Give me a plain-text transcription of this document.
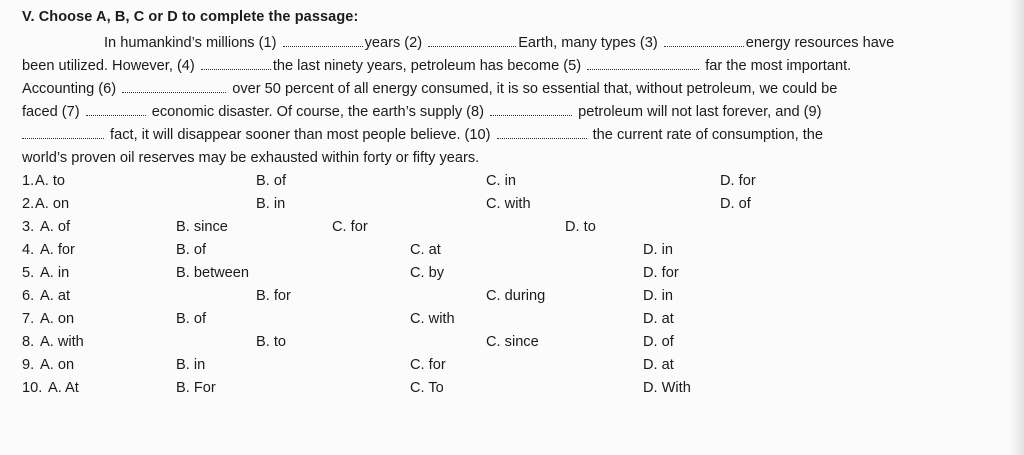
V. Choose A, B, C or D to complete the passage:
In humankind’s millions (1)	years (2)	Earth, many types (3)	energy resources have
been utilized. However, (4)	the last ninety years, petroleum has become (5)	far the most important.
Accounting (6)	over 50 percent of all energy consumed, it is so essential that, without petroleum, we could be
faced (7)	economic disaster. Of course, the earth’s supply (8)	petroleum will not last forever, and (9)
fact, it will disappear sooner than most people believe. (10)	the current rate of consumption, the
world’s proven oil reserves may be exhausted within forty or fifty years.
1. A. to	B. of	C. in	D. for
2. A. on	B. in	C. with	D. of
3. A. of	B. since	C. for	D. to
4. A. for	B. of	C. at	D. in
5. A. in	B. between	C. by	D. for
6. A. at	B. for	C. during	D. in
7. A. on	B. of	C. with	D. at
8. A. with	B. to	C. since	D. of
9. A. on	B. in	C. for	D. at
10. A. At	B. For	C. To	D. With
